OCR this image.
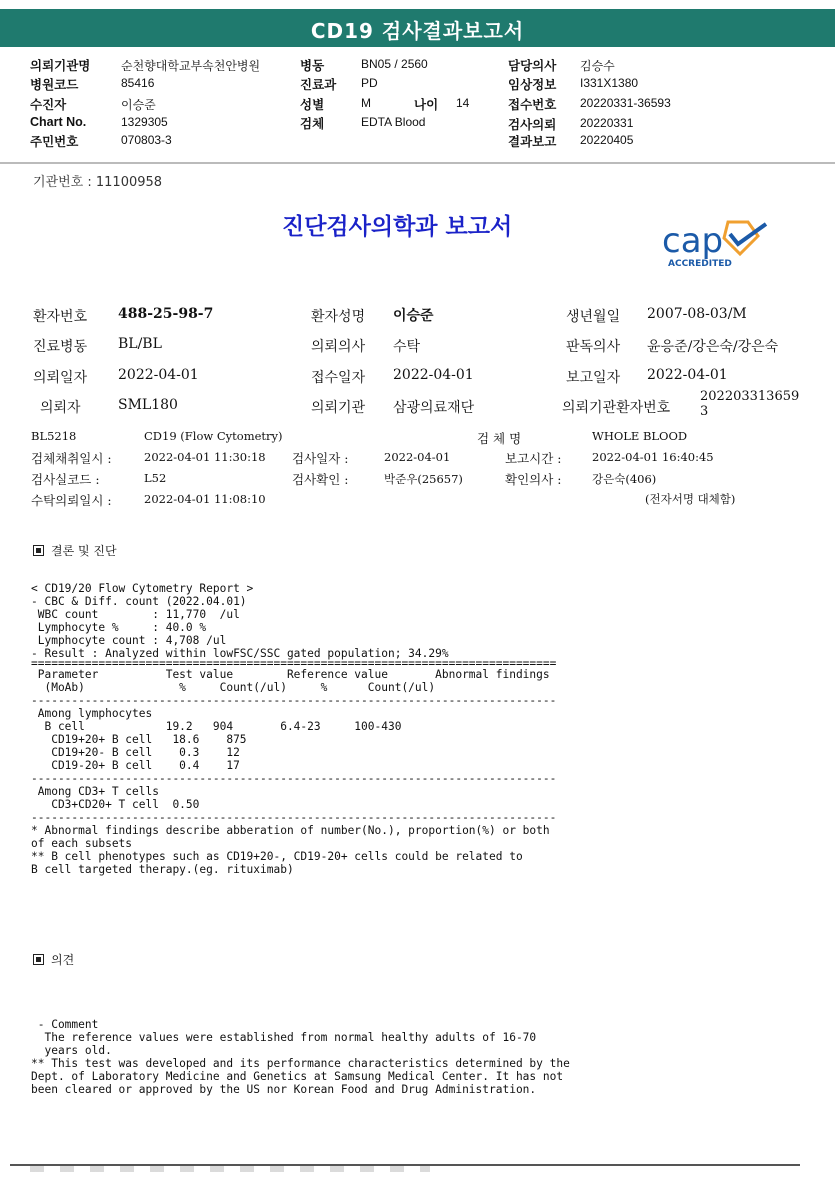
CD19 검사결과보고서
의뢰기관명	순천향대학교부속천안병원
병원코드	85416
수진자	이승준
Chart No.	1329305
주민번호	070803-3
병동	BN05 / 2560
진료과 PD
성별	M	나이 14
검체	EDTA Blood
담당의사 김승수
임상정보 I331X1380
접수번호 20220331-36593
검사의뢰 20220331
결과보고 20220405
기관번호 : 11100958
진단검사의학과 보고서	cap
ACCREDITED
환자번호 488-25-98-7	환자성명 이승준	생년월일 2007-08-03/M
진료병동 BL/BL	의뢰의사 수탁	판독의사 윤응준/강은숙/강은숙
의뢰일자 2022-04-01	접수일자 2022-04-01	보고일자 2022-04-01
의뢰자	SML180	의뢰기관 삼광의료재단	의뢰기관환자번호
202203313659
3
BL5218	CD19 (Flow Cytometry)	검 체 명	WHOLE BLOOD
검체채취일시 :	2022-04-01 11:30:18 검사일자 :	2022-04-01	보고시간 :	2022-04-01 16:40:45
검사실코드 :	L52	검사확인 :	박준우(25657)	확인의사 :	강은숙(406)
수탁의뢰일시 :	2022-04-01 11:08:10	(전자서명 대체함)
결론 및 진단
< CD19/20 Flow Cytometry Report >
- CBC & Diff. count (2022.04.01)
WBC count        : 11,770  /ul
Lymphocyte %     : 40.0 %
Lymphocyte count : 4,708 /ul
- Result : Analyzed within lowFSC/SSC gated population; 34.29%
==============================================================================
Parameter          Test value        Reference value       Abnormal findings
(MoAb)              %     Count(/ul)     %      Count(/ul)
------------------------------------------------------------------------------
Among lymphocytes
B cell            19.2   904       6.4-23     100-430
CD19+20+ B cell   18.6    875
CD19+20- B cell    0.3    12
CD19-20+ B cell    0.4    17
------------------------------------------------------------------------------
Among CD3+ T cells
CD3+CD20+ T cell  0.50
------------------------------------------------------------------------------
* Abnormal findings describe abberation of number(No.), proportion(%) or both
of each subsets
** B cell phenotypes such as CD19+20-, CD19-20+ cells could be related to
B cell targeted therapy.(eg. rituximab)
의견
- Comment
The reference values were established from normal healthy adults of 16-70
years old.
** This test was developed and its performance characteristics determined by the
Dept. of Laboratory Medicine and Genetics at Samsung Medical Center. It has not
been cleared or approved by the US nor Korean Food and Drug Administration.
